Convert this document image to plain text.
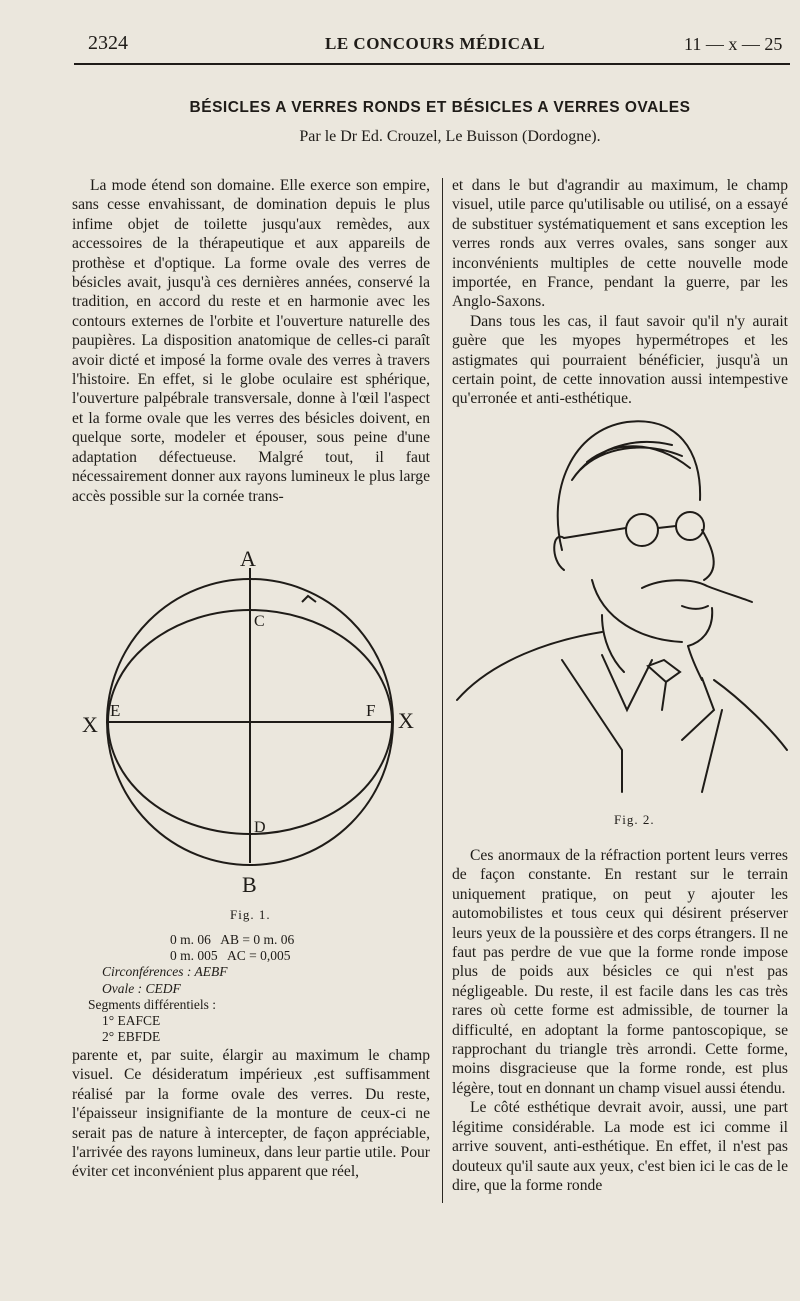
2324	LE CONCOURS MÉDICAL	11 — x — 25
BÉSICLES A VERRES RONDS ET BÉSICLES A VERRES OVALES
Par le Dr Ed. Crouzel, Le Buisson (Dordogne).

La mode étend son domaine. Elle exerce son empire, sans cesse envahissant, de domination depuis le plus infime objet de toilette jusqu'aux remèdes, aux accessoires de la thérapeutique et aux appareils de prothèse et d'optique. La forme ovale des verres de bésicles avait, jusqu'à ces dernières années, conservé la tradition, en accord du reste et en harmonie avec les contours externes de l'orbite et l'ouverture naturelle des paupières. La disposition anatomique de celles-ci paraît avoir dicté et imposé la forme ovale des verres à travers l'histoire. En effet, si le globe oculaire est sphérique, l'ouverture palpébrale transversale, donne à l'œil l'aspect et la forme ovale que les verres des bésicles doivent, en quelque sorte, modeler et épouser, sous peine d'une adaptation défectueuse. Malgré tout, il faut nécessairement donner aux rayons lumineux le plus large accès possible sur la cornée trans-

A
B
C
D
E	F
X	X
Fig. 1.
0 m. 06   AB = 0 m. 06
0 m. 005   AC = 0,005
Circonférences : AEBF
Ovale : CEDF
Segments différentiels :
1° EAFCE
2° EBFDE

parente et, par suite, élargir au maximum le champ visuel. Ce désideratum impérieux ,est suffisamment réalisé par la forme ovale des verres. Du reste, l'épaisseur insignifiante de la monture de ceux-ci ne serait pas de nature à intercepter, de façon appréciable, l'arrivée des rayons lumineux, dans leur partie utile. Pour éviter cet inconvénient plus apparent que réel,

et dans le but d'agrandir au maximum, le champ visuel, utile parce qu'utilisable ou utilisé, on a essayé de substituer systématiquement et sans exception les verres ronds aux verres ovales, sans songer aux inconvénients multiples de cette nouvelle mode importée, en France, pendant la guerre, par les Anglo-Saxons.

Dans tous les cas, il faut savoir qu'il n'y aurait guère que les myopes hypermétropes et les astigmates qui pourraient bénéficier, jusqu'à un certain point, de cette innovation aussi intempestive qu'erronée et anti-esthétique.

Fig. 2.

Ces anormaux de la réfraction portent leurs verres de façon constante. En restant sur le terrain uniquement pratique, on peut y ajouter les automobilistes et tous ceux qui désirent préserver leurs yeux de la poussière et des corps étrangers. Il ne faut pas perdre de vue que la forme ronde impose plus de poids aux bésicles ce qui n'est pas négligeable. Du reste, il est facile dans les cas très rares où cette forme est admissible, de tourner la difficulté, en adoptant la forme pantoscopique, se rapprochant du triangle très arrondi. Cette forme, moins disgracieuse que la forme ronde, est plus légère, tout en donnant un champ visuel aussi étendu.

Le côté esthétique devrait avoir, aussi, une part légitime considérable. La mode est ici comme il arrive souvent, anti-esthétique. En effet, il n'est pas douteux qu'il saute aux yeux, c'est bien ici le cas de le dire, que la forme ronde
